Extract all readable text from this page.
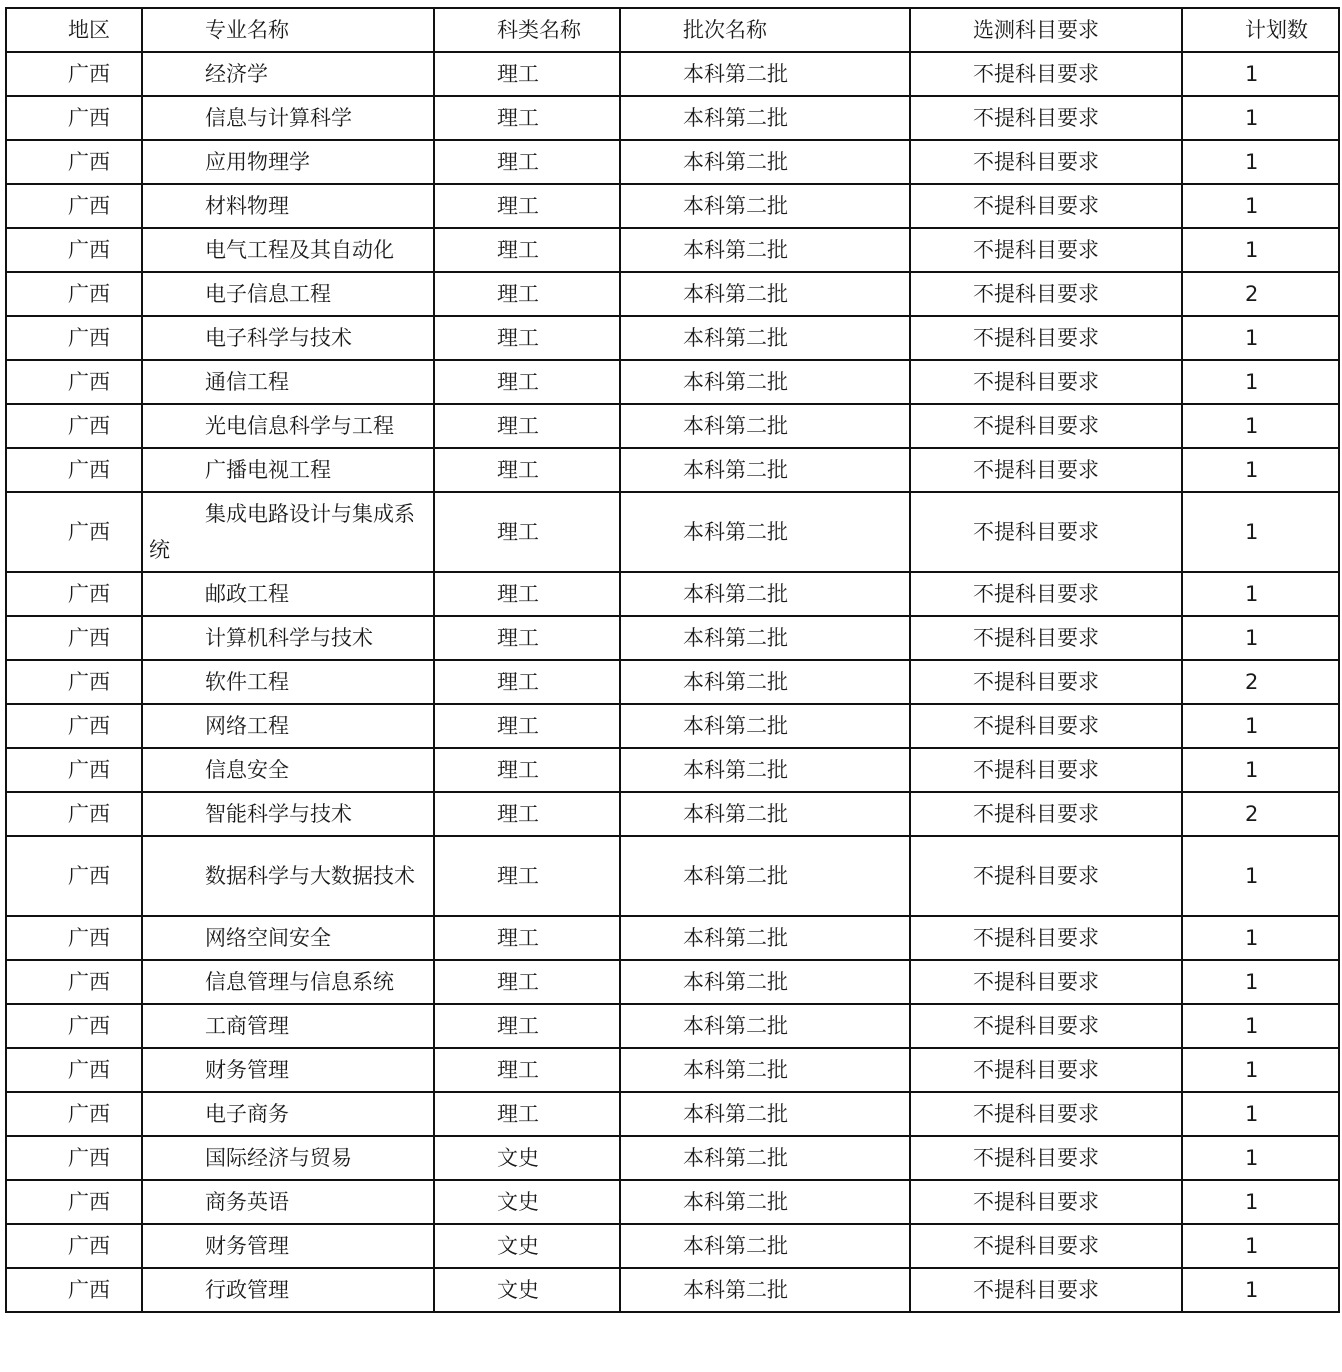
地区	专业名称	科类名称	批次名称	选测科目要求	计划数
广西	经济学	理工	本科第二批	不提科目要求	1
广西	信息与计算科学	理工	本科第二批	不提科目要求	1
广西	应用物理学	理工	本科第二批	不提科目要求	1
广西	材料物理	理工	本科第二批	不提科目要求	1
广西	电气工程及其自动化	理工	本科第二批	不提科目要求	1
广西	电子信息工程	理工	本科第二批	不提科目要求	2
广西	电子科学与技术	理工	本科第二批	不提科目要求	1
广西	通信工程	理工	本科第二批	不提科目要求	1
广西	光电信息科学与工程	理工	本科第二批	不提科目要求	1
广西	广播电视工程	理工	本科第二批	不提科目要求	1
广西	集成电路设计与集成系统	理工	本科第二批	不提科目要求	1
广西	邮政工程	理工	本科第二批	不提科目要求	1
广西	计算机科学与技术	理工	本科第二批	不提科目要求	1
广西	软件工程	理工	本科第二批	不提科目要求	2
广西	网络工程	理工	本科第二批	不提科目要求	1
广西	信息安全	理工	本科第二批	不提科目要求	1
广西	智能科学与技术	理工	本科第二批	不提科目要求	2
广西	数据科学与大数据技术	理工	本科第二批	不提科目要求	1
广西	网络空间安全	理工	本科第二批	不提科目要求	1
广西	信息管理与信息系统	理工	本科第二批	不提科目要求	1
广西	工商管理	理工	本科第二批	不提科目要求	1
广西	财务管理	理工	本科第二批	不提科目要求	1
广西	电子商务	理工	本科第二批	不提科目要求	1
广西	国际经济与贸易	文史	本科第二批	不提科目要求	1
广西	商务英语	文史	本科第二批	不提科目要求	1
广西	财务管理	文史	本科第二批	不提科目要求	1
广西	行政管理	文史	本科第二批	不提科目要求	1
